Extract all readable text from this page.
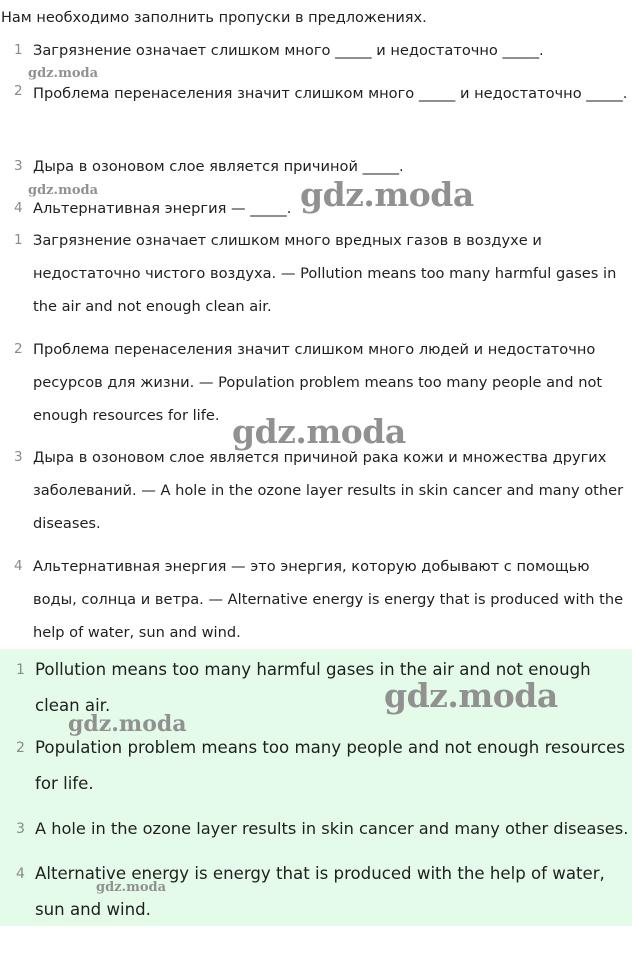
Нам необходимо заполнить пропуски в предложениях.
1 Загрязнение означает слишком много _____ и недостаточно _____.
2 Проблема перенаселения значит слишком много _____ и недостаточно _____.
3 Дыра в озоновом слое является причиной _____.
4 Альтернативная энергия — _____.
1 Загрязнение означает слишком много вредных газов в воздухе и недостаточно чистого воздуха. — Pollution means too many harmful gases in the air and not enough clean air.
2 Проблема перенаселения значит слишком много людей и недостаточно ресурсов для жизни. — Population problem means too many people and not enough resources for life.
3 Дыра в озоновом слое является причиной рака кожи и множества других заболеваний. — A hole in the ozone layer results in skin cancer and many other diseases.
4 Альтернативная энергия — это энергия, которую добывают с помощью воды, солнца и ветра. — Alternative energy is energy that is produced with the help of water, sun and wind.
1 Pollution means too many harmful gases in the air and not enough clean air.
2 Population problem means too many people and not enough resources for life.
3 A hole in the ozone layer results in skin cancer and many other diseases.
4 Alternative energy is energy that is produced with the help of water, sun and wind.
gdz.moda
gdz.moda	gdz.moda
gdz.moda
gdz.moda
gdz.moda
gdz.moda
